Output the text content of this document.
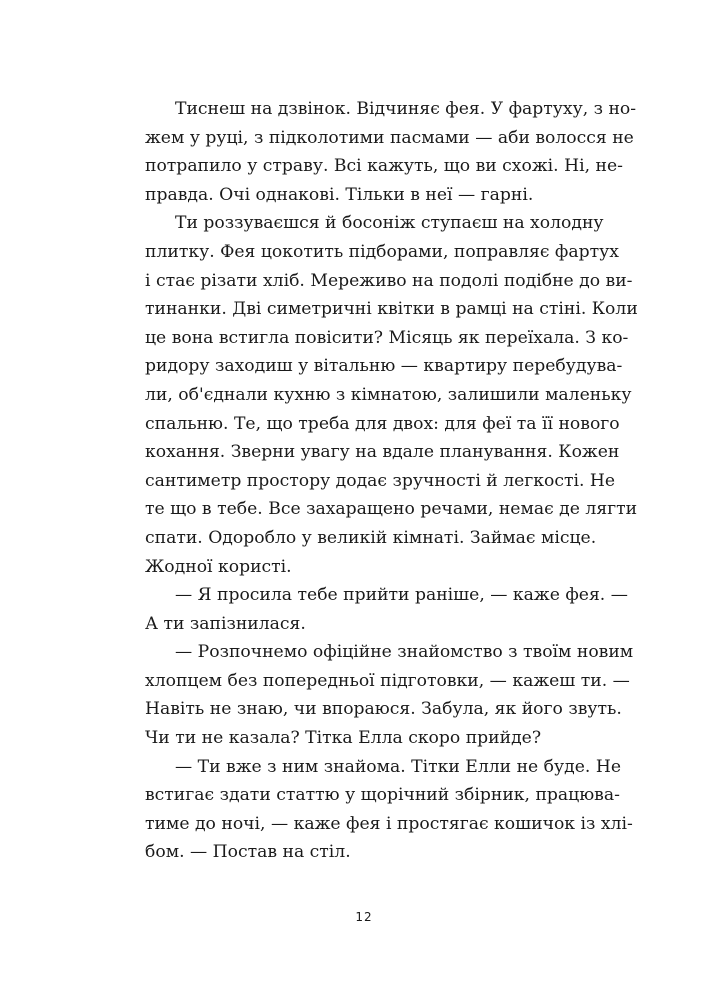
Тиснеш на дзвінок. Відчиняє фея. У фартуху, з но-
жем у руці, з підколотими пасмами — аби волосся не
потрапило у страву. Всі кажуть, що ви схожі. Ні, не-
правда. Очі однакові. Тільки в неї — гарні.
Ти роззуваєшся й босоніж ступаєш на холодну
плитку. Фея цокотить підборами, поправляє фартух
і стає різати хліб. Мереживо на подолі подібне до ви-
тинанки. Дві симетричні квітки в рамці на стіні. Коли
це вона встигла повісити? Місяць як переїхала. З ко-
ридору заходиш у вітальню — квартиру перебудува-
ли, об'єднали кухню з кімнатою, залишили маленьку
спальню. Те, що треба для двох: для феї та її нового
кохання. Зверни увагу на вдале планування. Кожен
сантиметр простору додає зручності й легкості. Не
те що в тебе. Все захаращено речами, немає де лягти
спати. Одоробло у великій кімнаті. Займає місце.
Жодної користі.
— Я просила тебе прийти раніше, — каже фея. —
А ти запізнилася.
— Розпочнемо офіційне знайомство з твоїм новим
хлопцем без попередньої підготовки, — кажеш ти. —
Навіть не знаю, чи впораюся. Забула, як його звуть.
Чи ти не казала? Тітка Елла скоро прийде?
— Ти вже з ним знайома. Тітки Елли не буде. Не
встигає здати статтю у щорічний збірник, працюва-
тиме до ночі, — каже фея і простягає кошичок із хлі-
бом. — Постав на стіл.
12
